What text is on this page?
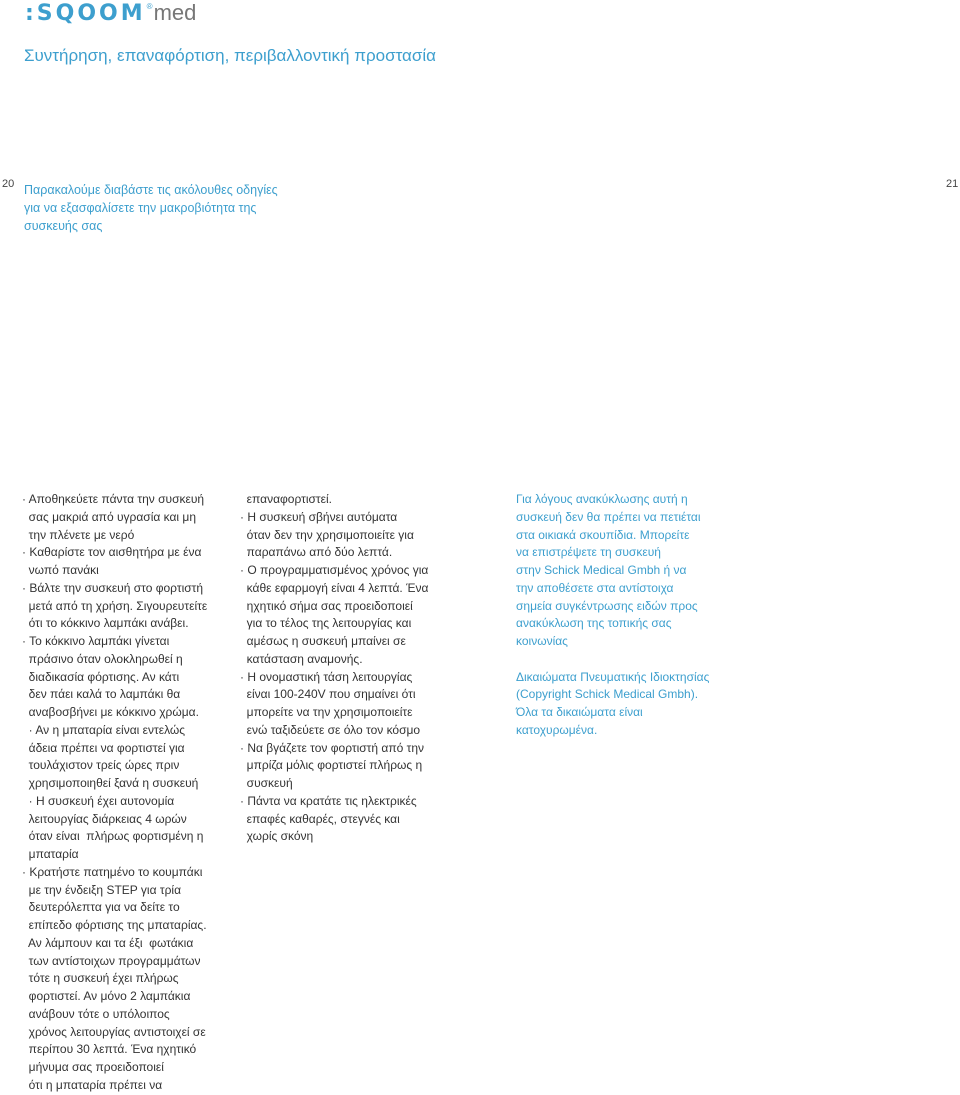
:SQOOM ® med
Συντήρηση, επαναφόρτιση, περιβαλλοντική προστασία
20	21

Παρακαλούμε διαβάστε τις ακόλουθες οδηγίες
για να εξασφαλίσετε την μακροβιότητα της
συσκευής σας

· Αποθηκεύετε πάντα την συσκευή
σας μακριά από υγρασία και μη
την πλένετε με νερό
· Καθαρίστε τον αισθητήρα με ένα
νωπό πανάκι
· Βάλτε την συσκευή στο φορτιστή
μετά από τη χρήση. Σιγουρευτείτε
ότι το κόκκινο λαμπάκι ανάβει.
· Το κόκκινο λαμπάκι γίνεται
πράσινο όταν ολοκληρωθεί η
διαδικασία φόρτισης. Αν κάτι
δεν πάει καλά το λαμπάκι θα
αναβοσβήνει με κόκκινο χρώμα.
· Αν η μπαταρία είναι εντελώς
άδεια πρέπει να φορτιστεί για
τουλάχιστον τρείς ώρες πριν
χρησιμοποιηθεί ξανά η συσκευή
· Η συσκευή έχει αυτονομία
λειτουργίας διάρκειας 4 ωρών
όταν είναι  πλήρως φορτισμένη η
μπαταρία
· Κρατήστε πατημένο το κουμπάκι
με την ένδειξη STEP για τρία
δευτερόλεπτα για να δείτε το
επίπεδο φόρτισης της μπαταρίας.
Αν λάμπουν και τα έξι  φωτάκια
των αντίστοιχων προγραμμάτων
τότε η συσκευή έχει πλήρως
φορτιστεί. Αν μόνο 2 λαμπάκια
ανάβουν τότε ο υπόλοιπος
χρόνος λειτουργίας αντιστοιχεί σε
περίπου 30 λεπτά. Ένα ηχητικό
μήνυμα σας προειδοποιεί
ότι η μπαταρία πρέπει να
επαναφορτιστεί.
· Η συσκευή σβήνει αυτόματα
όταν δεν την χρησιμοποιείτε για
παραπάνω από δύο λεπτά.
· Ο προγραμματισμένος χρόνος για
κάθε εφαρμογή είναι 4 λεπτά. Ένα
ηχητικό σήμα σας προειδοποιεί
για το τέλος της λειτουργίας και
αμέσως η συσκευή μπαίνει σε
κατάσταση αναμονής.
· Η ονομαστική τάση λειτουργίας
είναι 100-240V που σημαίνει ότι
μπορείτε να την χρησιμοποιείτε
ενώ ταξιδεύετε σε όλο τον κόσμο
· Να βγάζετε τον φορτιστή από την
μπρίζα μόλις φορτιστεί πλήρως η
συσκευή
· Πάντα να κρατάτε τις ηλεκτρικές
επαφές καθαρές, στεγνές και
χωρίς σκόνη
Για λόγους ανακύκλωσης αυτή η
συσκευή δεν θα πρέπει να πετιέται
στα οικιακά σκουπίδια. Μπορείτε
να επιστρέψετε τη συσκευή
στην Schick Medical Gmbh ή να
την αποθέσετε στα αντίστοιχα
σημεία συγκέντρωσης ειδών προς
ανακύκλωση της τοπικής σας
κοινωνίας
Δικαιώματα Πνευματικής Ιδιοκτησίας
(Copyright Schick Medical Gmbh).
Όλα τα δικαιώματα είναι
κατοχυρωμένα.
